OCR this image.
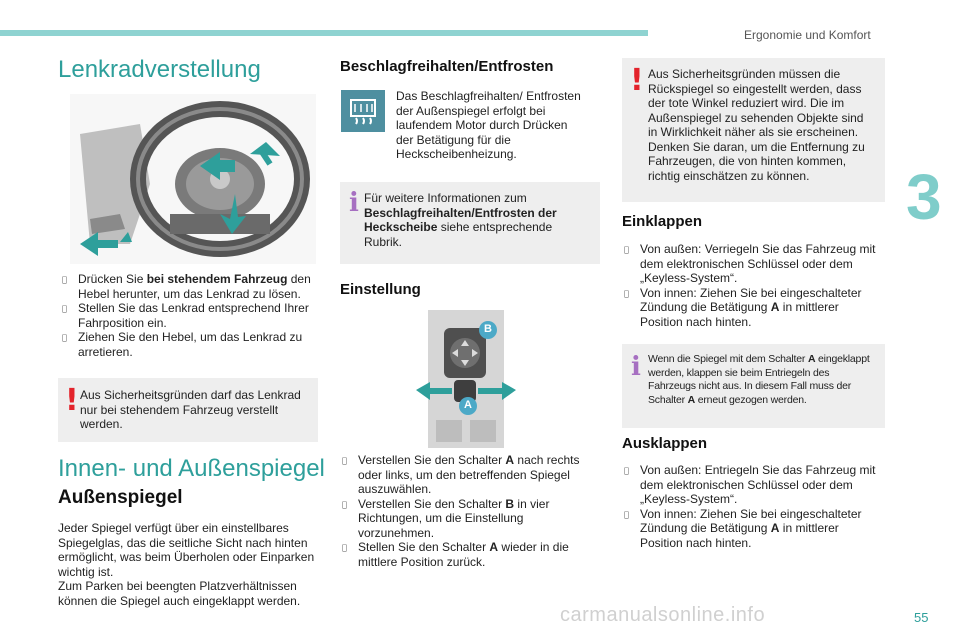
Ergonomie und Komfort
3
Lenkradverstellung
Drücken Sie bei stehendem Fahrzeug den Hebel herunter, um das Lenkrad zu lösen.
Stellen Sie das Lenkrad entsprechend Ihrer Fahrposition ein.
Ziehen Sie den Hebel, um das Lenkrad zu arretieren.
! Aus Sicherheitsgründen darf das Lenkrad nur bei stehendem Fahrzeug verstellt werden.
Innen- und Außenspiegel
Außenspiegel
Jeder Spiegel verfügt über ein einstellbares Spiegelglas, das die seitliche Sicht nach hinten ermöglicht, was beim Überholen oder Einparken wichtig ist.
Zum Parken bei beengten Platzverhältnissen können die Spiegel auch eingeklappt werden.
Beschlagfreihalten/Entfrosten
Das Beschlagfreihalten/ Entfrosten der Außenspiegel erfolgt bei laufendem Motor durch Drücken der Betätigung für die Heckscheibenheizung.
i Für weitere Informationen zum Beschlagfreihalten/Entfrosten der Heckscheibe siehe entsprechende Rubrik.
Einstellung
B
A
Verstellen Sie den Schalter A nach rechts oder links, um den betreffenden Spiegel auszuwählen.
Verstellen Sie den Schalter B in vier Richtungen, um die Einstellung vorzunehmen.
Stellen Sie den Schalter A wieder in die mittlere Position zurück.
! Aus Sicherheitsgründen müssen die Rückspiegel so eingestellt werden, dass der tote Winkel reduziert wird. Die im Außenspiegel zu sehenden Objekte sind in Wirklichkeit näher als sie erscheinen. Denken Sie daran, um die Entfernung zu Fahrzeugen, die von hinten kommen, richtig einschätzen zu können.
Einklappen
Von außen: Verriegeln Sie das Fahrzeug mit dem elektronischen Schlüssel oder dem „Keyless-System“.
Von innen: Ziehen Sie bei eingeschalteter Zündung die Betätigung A in mittlerer Position nach hinten.
i Wenn die Spiegel mit dem Schalter A eingeklappt werden, klappen sie beim Entriegeln des Fahrzeugs nicht aus. In diesem Fall muss der Schalter A erneut gezogen werden.
Ausklappen
Von außen: Entriegeln Sie das Fahrzeug mit dem elektronischen Schlüssel oder dem „Keyless-System“.
Von innen: Ziehen Sie bei eingeschalteter Zündung die Betätigung A in mittlerer Position nach hinten.
carmanualsonline.info	55
